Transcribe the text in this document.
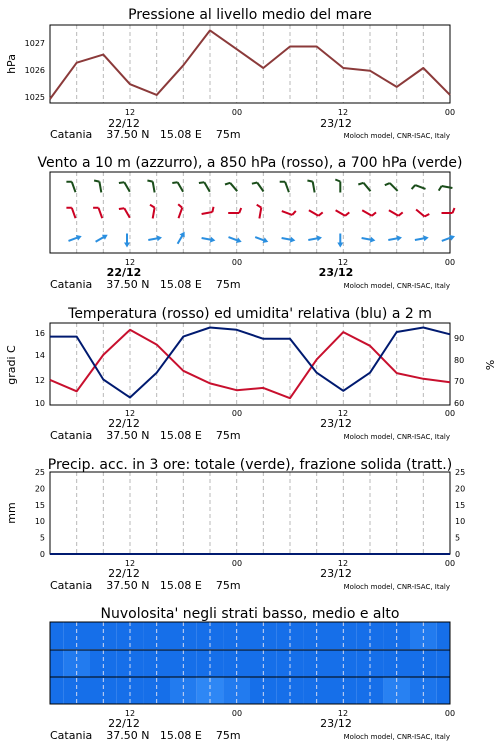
Pressione al livello medio del mare
hPa
1027
1026
1025
12	00	12	00
22/12	23/12
Catania    37.50 N   15.08 E    75m	Moloch model, CNR-ISAC, Italy
Vento a 10 m (azzurro), a 850 hPa (rosso), a 700 hPa (verde)
12	00	12	00
22/12	23/12
Catania    37.50 N   15.08 E    75m	Moloch model, CNR-ISAC, Italy
Temperatura (rosso) ed umidita' relativa (blu) a 2 m
gradi C	%
16
14
12
10
90
80
70
60
12	00	12	00
22/12	23/12
Catania    37.50 N   15.08 E    75m	Moloch model, CNR-ISAC, Italy
Precip. acc. in 3 ore: totale (verde), frazione solida (tratt.)
mm
0
5
10
15
20
25
0
5
10
15
20
25
12	00	12	00
22/12	23/12
Catania    37.50 N   15.08 E    75m	Moloch model, CNR-ISAC, Italy
Nuvolosita' negli strati basso, medio e alto
12	00	12	00
22/12	23/12
Catania    37.50 N   15.08 E    75m	Moloch model, CNR-ISAC, Italy
